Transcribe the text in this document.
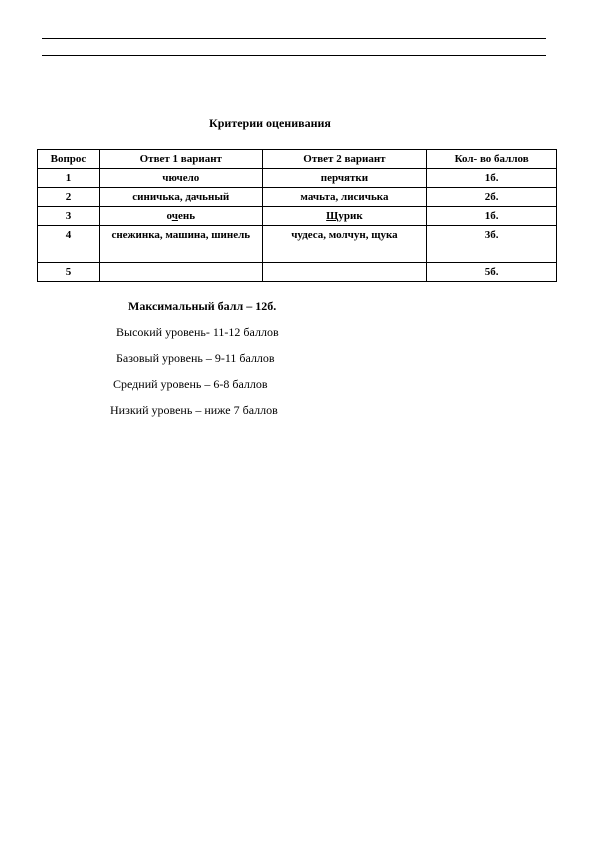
Критерии оценивания
Вопрос	Ответ 1 вариант	Ответ 2 вариант	Кол- во баллов
1	чючело	перчятки	1б.
2	синичька, дачьный	мачьта, лисичька	2б.
3	очень	Щурик	1б.
4	снежинка, машина, шинель	чудеса, молчун, щука	3б.
5			5б.
Максимальный балл – 12б.
Высокий уровень- 11-12 баллов
Базовый уровень – 9-11 баллов
Средний уровень – 6-8 баллов
Низкий уровень – ниже 7 баллов
